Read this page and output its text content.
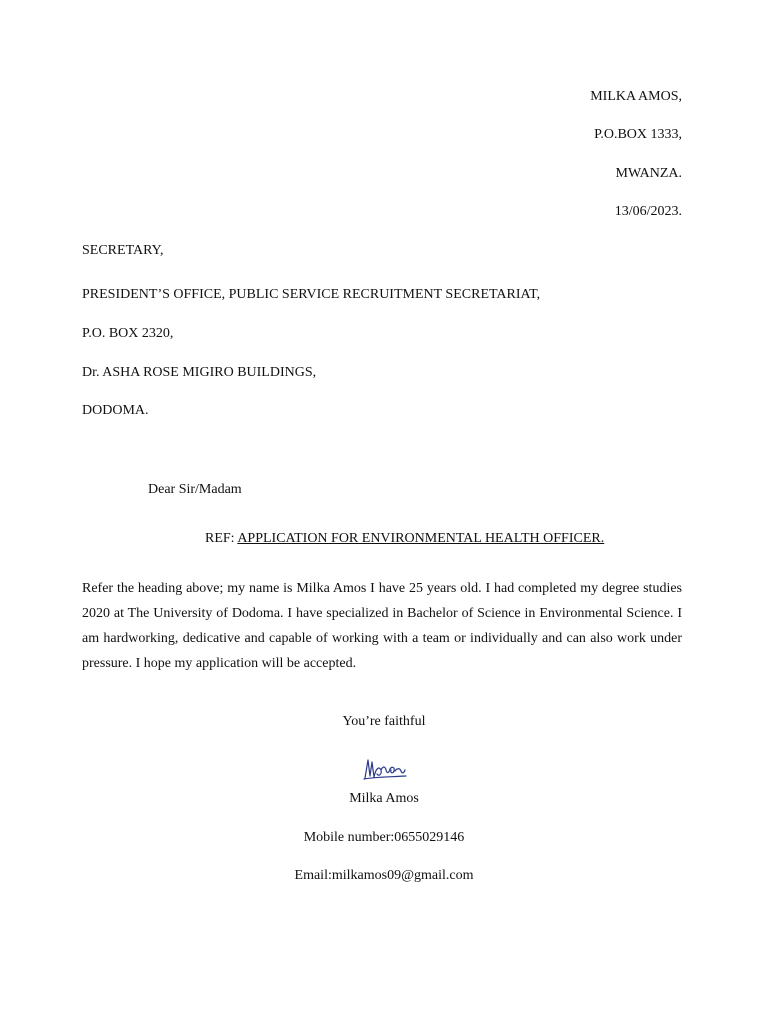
MILKA AMOS,
P.O.BOX 1333,
MWANZA.
13/06/2023.
SECRETARY,
PRESIDENT’S OFFICE, PUBLIC SERVICE RECRUITMENT SECRETARIAT,
P.O. BOX 2320,
Dr. ASHA ROSE MIGIRO BUILDINGS,
DODOMA.
Dear Sir/Madam
REF: APPLICATION FOR ENVIRONMENTAL HEALTH OFFICER.
Refer the heading above; my name is Milka Amos I have 25 years old. I had completed my degree studies 2020 at The University of Dodoma. I have specialized in Bachelor of Science in Environmental Science. I am hardworking, dedicative and capable of working with a team or individually and can also work under pressure. I hope my application will be accepted.
You’re faithful
Milka Amos
Mobile number:0655029146
Email:milkamos09@gmail.com
